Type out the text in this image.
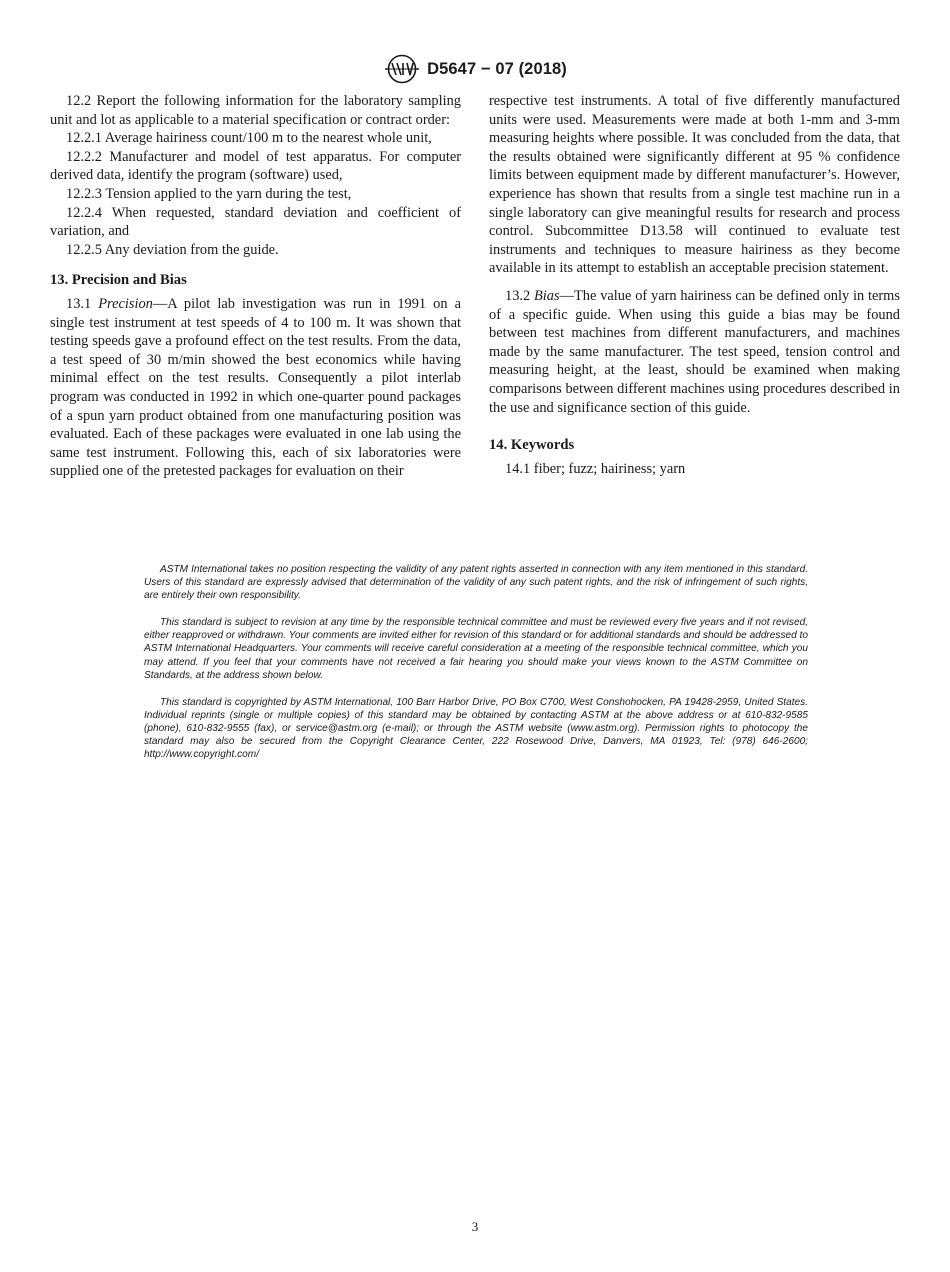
D5647 − 07 (2018)

12.2 Report the following information for the laboratory sampling unit and lot as applicable to a material specification or contract order:

12.2.1 Average hairiness count/100 m to the nearest whole unit,

12.2.2 Manufacturer and model of test apparatus. For computer derived data, identify the program (software) used,

12.2.3 Tension applied to the yarn during the test,

12.2.4 When requested, standard deviation and coefficient of variation, and

12.2.5 Any deviation from the guide.

13. Precision and Bias

13.1 Precision—A pilot lab investigation was run in 1991 on a single test instrument at test speeds of 4 to 100 m. It was shown that testing speeds gave a profound effect on the test results. From the data, a test speed of 30 m/min showed the best economics while having minimal effect on the test results. Consequently a pilot interlab program was conducted in 1992 in which one-quarter pound packages of a spun yarn product obtained from one manufacturing position was evaluated. Each of these packages were evaluated in one lab using the same test instrument. Following this, each of six laboratories were supplied one of the pretested packages for evaluation on their

respective test instruments. A total of five differently manufactured units were used. Measurements were made at both 1-mm and 3-mm measuring heights where possible. It was concluded from the data, that the results obtained were significantly different at 95 % confidence limits between equipment made by different manufacturer’s. However, experience has shown that results from a single test machine run in a single laboratory can give meaningful results for research and process control. Subcommittee D13.58 will continued to evaluate test instruments and techniques to measure hairiness as they become available in its attempt to establish an acceptable precision statement.

13.2 Bias—The value of yarn hairiness can be defined only in terms of a specific guide. When using this guide a bias may be found between test machines from different manufacturers, and machines made by the same manufacturer. The test speed, tension control and measuring height, at the least, should be examined when making comparisons between different machines using procedures described in the use and significance section of this guide.

14. Keywords

14.1 fiber; fuzz; hairiness; yarn

ASTM International takes no position respecting the validity of any patent rights asserted in connection with any item mentioned in this standard. Users of this standard are expressly advised that determination of the validity of any such patent rights, and the risk of infringement of such rights, are entirely their own responsibility.

This standard is subject to revision at any time by the responsible technical committee and must be reviewed every five years and if not revised, either reapproved or withdrawn. Your comments are invited either for revision of this standard or for additional standards and should be addressed to ASTM International Headquarters. Your comments will receive careful consideration at a meeting of the responsible technical committee, which you may attend. If you feel that your comments have not received a fair hearing you should make your views known to the ASTM Committee on Standards, at the address shown below.

This standard is copyrighted by ASTM International, 100 Barr Harbor Drive, PO Box C700, West Conshohocken, PA 19428-2959, United States. Individual reprints (single or multiple copies) of this standard may be obtained by contacting ASTM at the above address or at 610-832-9585 (phone), 610-832-9555 (fax), or service@astm.org (e-mail); or through the ASTM website (www.astm.org). Permission rights to photocopy the standard may also be secured from the Copyright Clearance Center, 222 Rosewood Drive, Danvers, MA 01923, Tel: (978) 646-2600; http://www.copyright.com/

3
